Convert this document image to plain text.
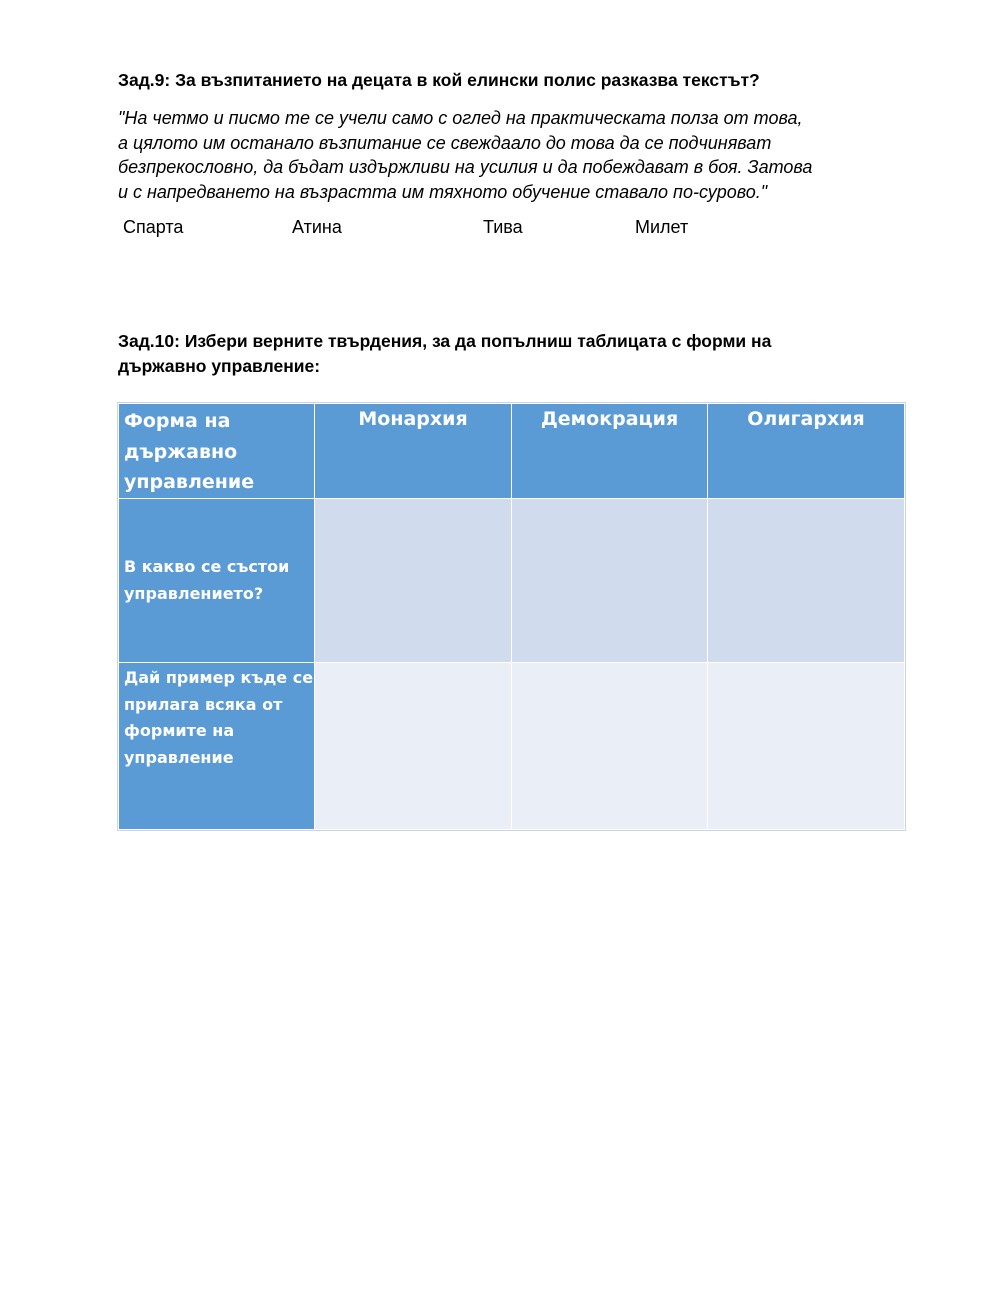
Зад.9: За възпитанието на децата в кой елински полис разказва текстът?
"На четмо и писмо те се учели само с оглед на практическата полза от това,
а цялото им останало възпитание се свеждаало до това да се подчиняват
безпрекословно, да бъдат издържливи на усилия и да побеждават в боя. Затова
и с напредването на възрастта им тяхното обучение ставало по-сурово."
Спарта	Атина	Тива	Милет
Зад.10: Избери верните твърдения, за да попълниш таблицата с форми на
държавно управление:
Форма на
държавно
управление	Монархия	Демокрация	Олигархия

В какво се състои
управлението?			

Дай пример къде се
прилага всяка от
формите на
управление			
